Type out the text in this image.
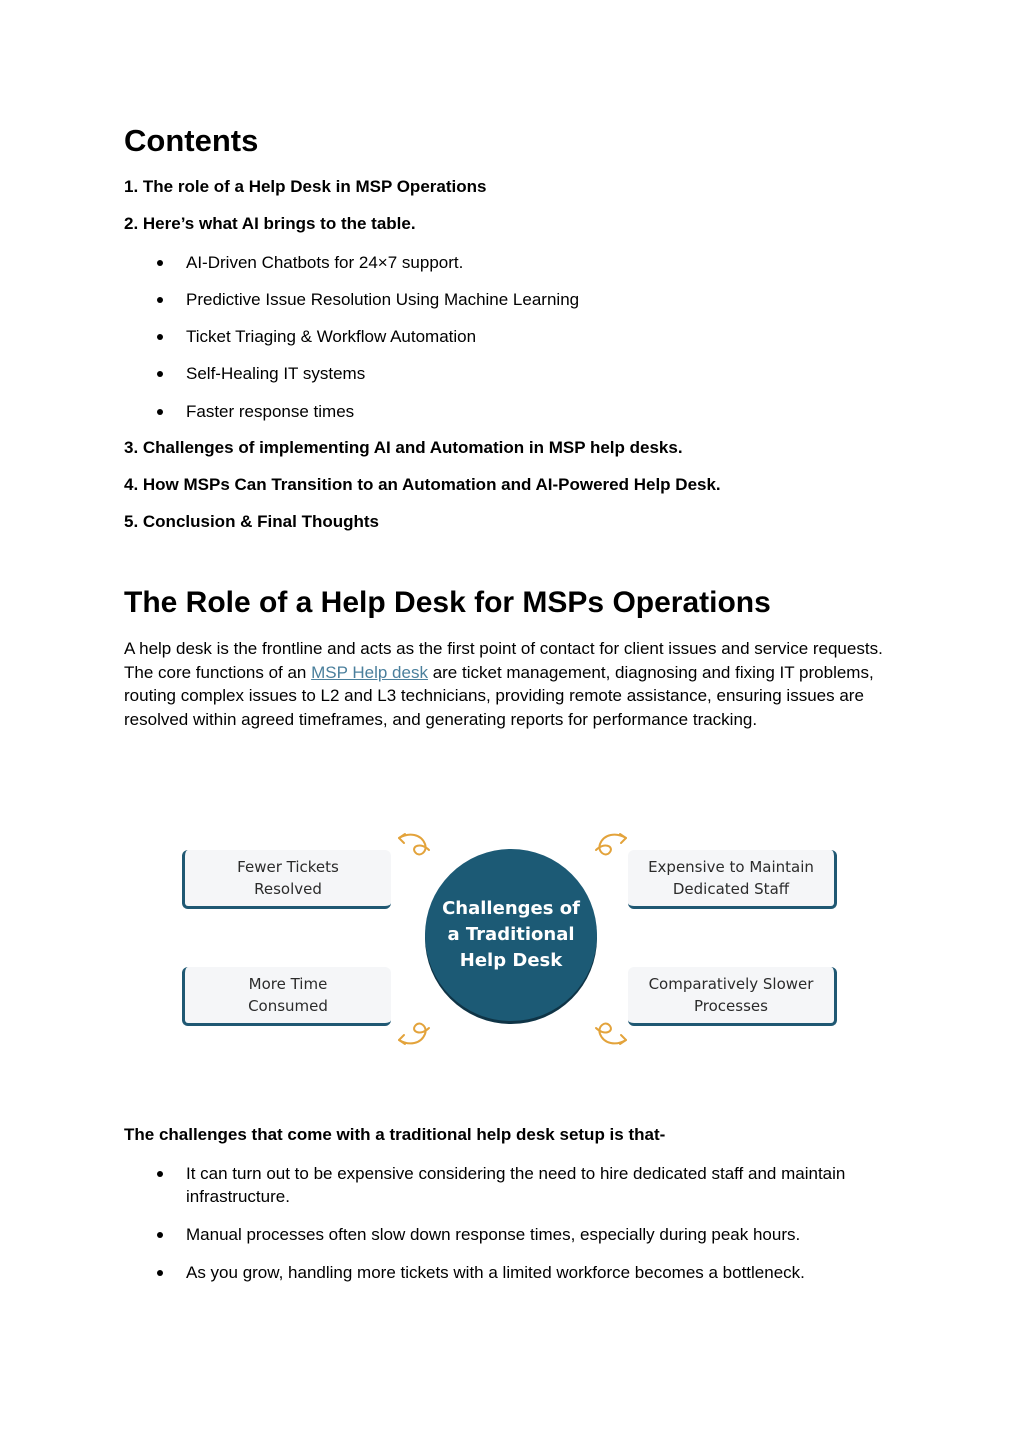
Contents
1. The role of a Help Desk in MSP Operations
2. Here’s what AI brings to the table.
AI-Driven Chatbots for 24×7 support.
Predictive Issue Resolution Using Machine Learning
Ticket Triaging & Workflow Automation
Self-Healing IT systems
Faster response times
3. Challenges of implementing AI and Automation in MSP help desks.
4. How MSPs Can Transition to an Automation and AI-Powered Help Desk.
5. Conclusion & Final Thoughts
The Role of a Help Desk for MSPs Operations

A help desk is the frontline and acts as the first point of contact for client issues and service requests. The core functions of an MSP Help desk are ticket management, diagnosing and fixing IT problems, routing complex issues to L2 and L3 technicians, providing remote assistance, ensuring issues are resolved within agreed timeframes, and generating reports for performance tracking.

Fewer Tickets
Resolved
Expensive to Maintain
Dedicated Staff
More Time
Consumed
Comparatively Slower
Processes
Challenges of
a Traditional
Help Desk

The challenges that come with a traditional help desk setup is that-

It can turn out to be expensive considering the need to hire dedicated staff and maintain infrastructure.

Manual processes often slow down response times, especially during peak hours.

As you grow, handling more tickets with a limited workforce becomes a bottleneck.
